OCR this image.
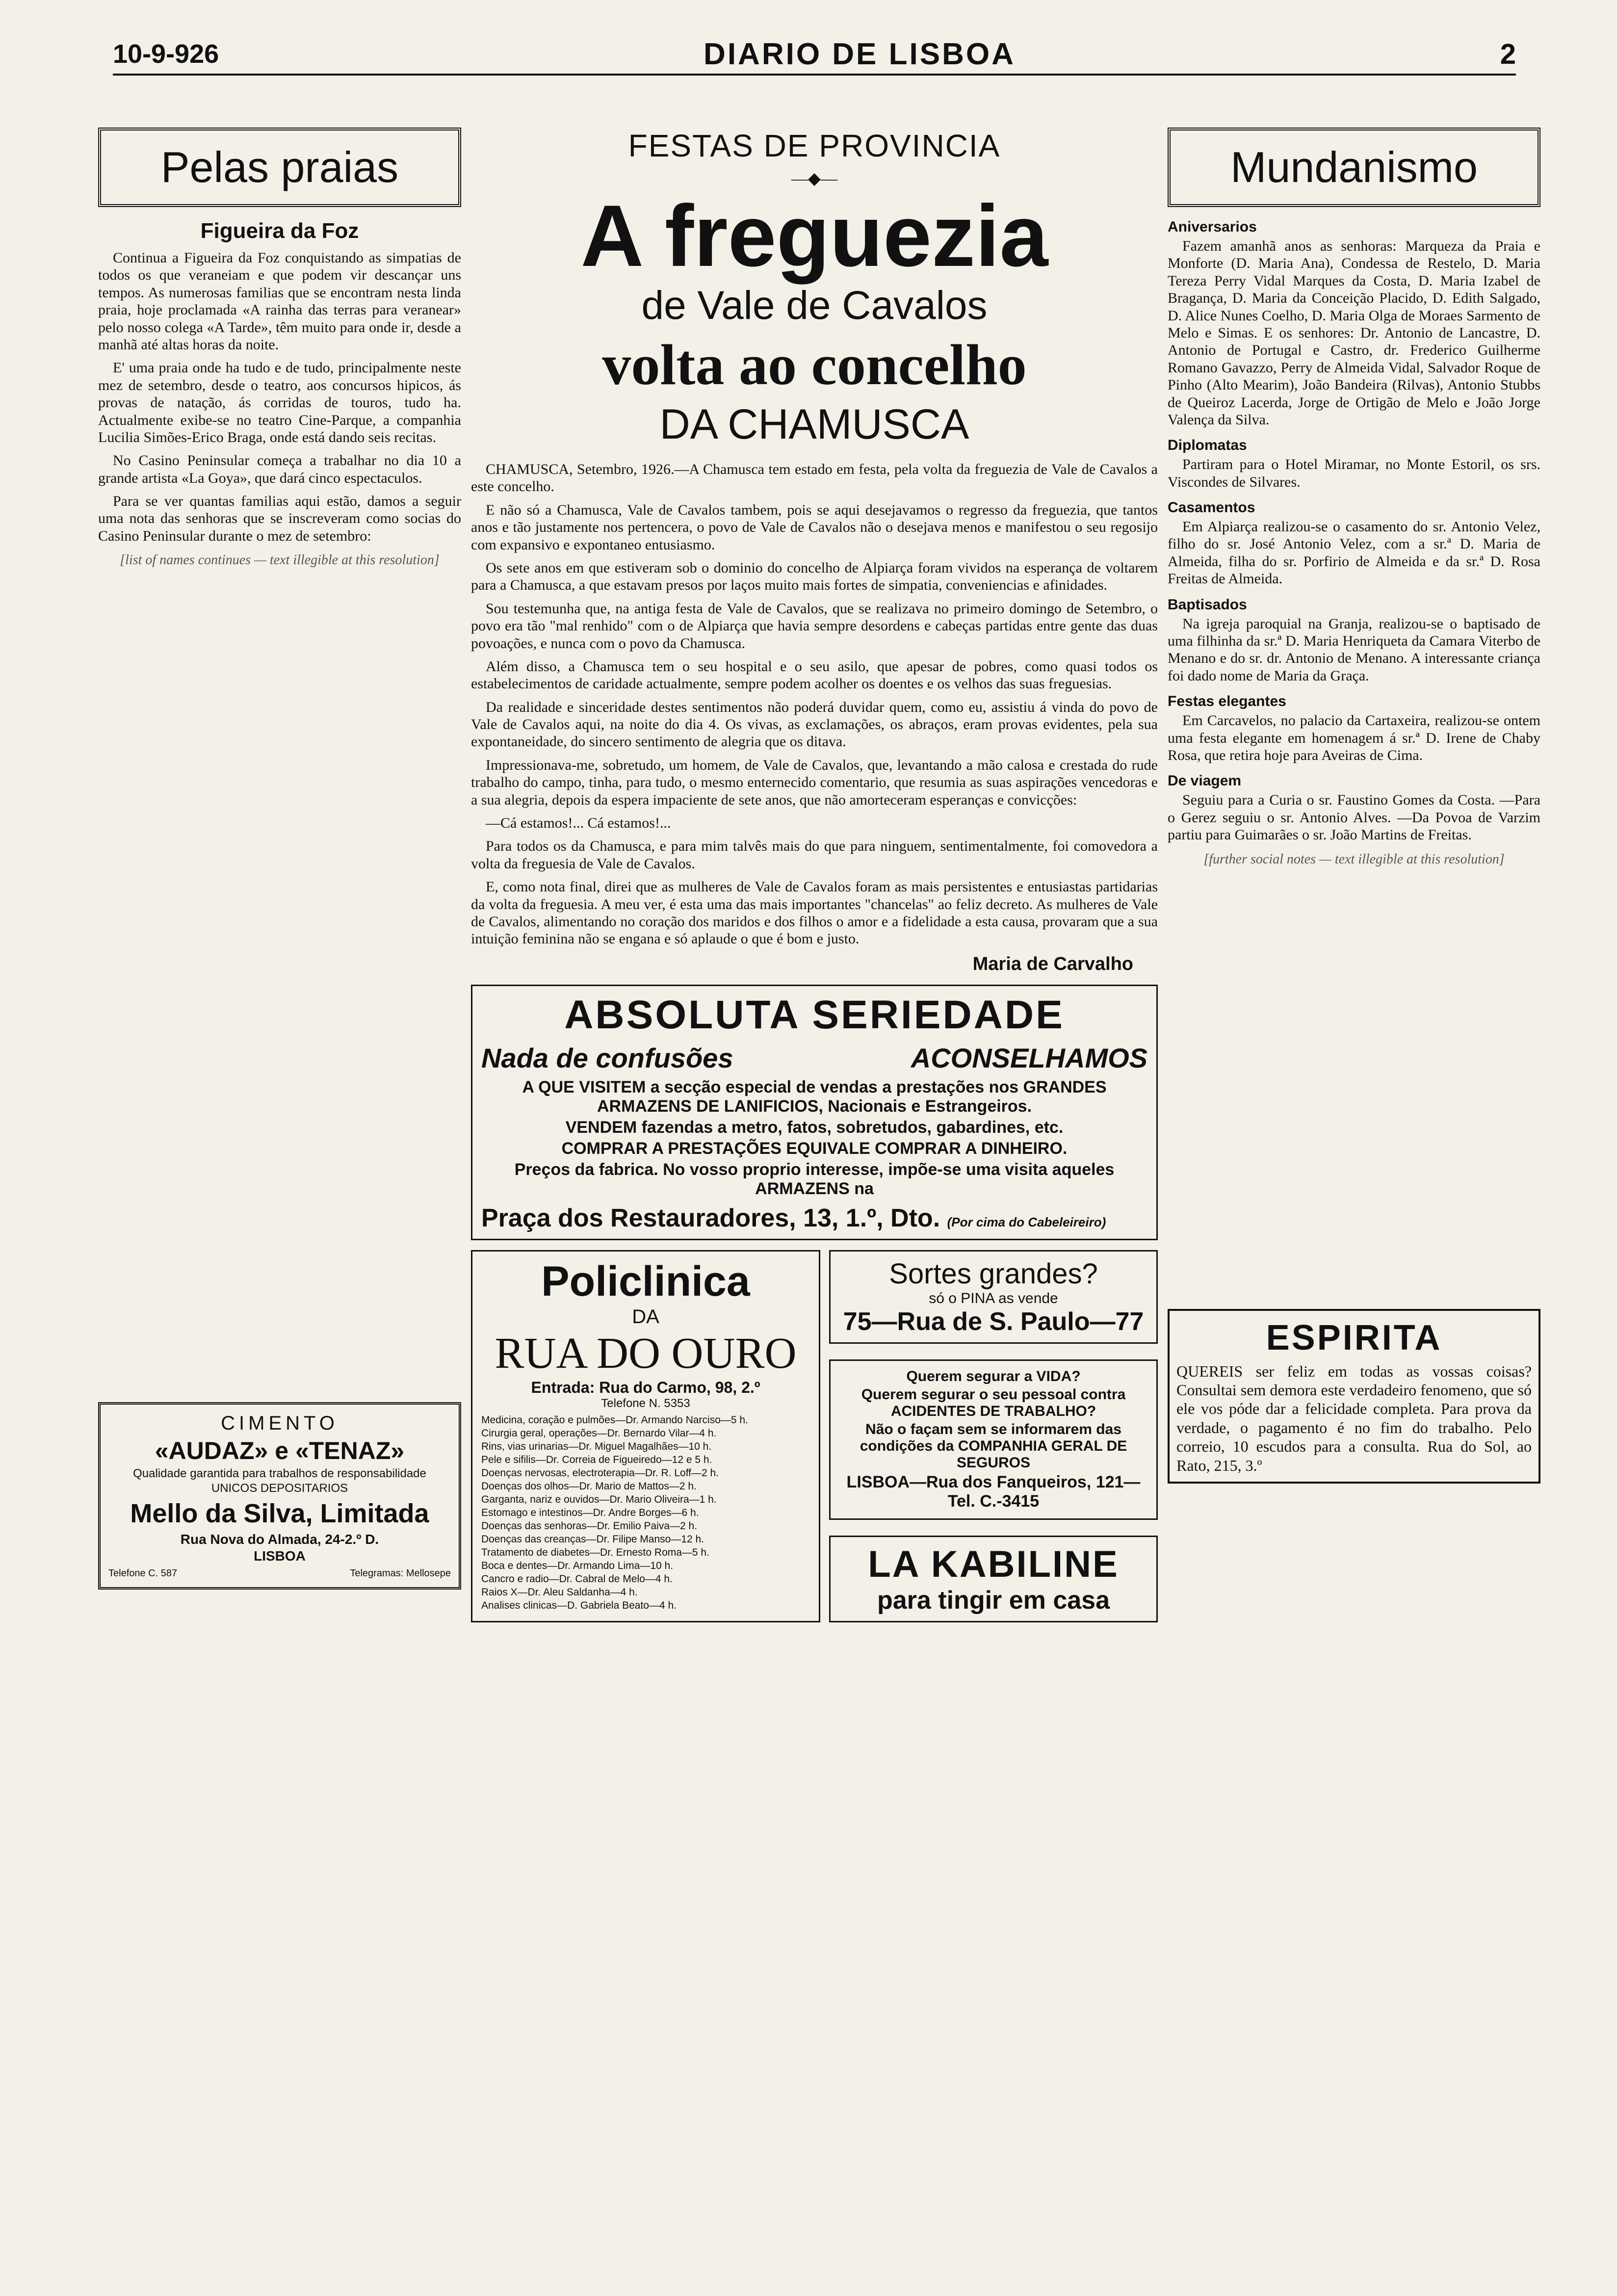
10-9-926	DIARIO DE LISBOA	2
Pelas praias
Figueira da Foz

Continua a Figueira da Foz conquistando as simpatias de todos os que veraneiam e que podem vir descançar uns tempos. As numerosas familias que se encontram nesta linda praia, hoje proclamada «A rainha das terras para veranear» pelo nosso colega «A Tarde», têm muito para onde ir, desde a manhã até altas horas da noite.

E' uma praia onde ha tudo e de tudo, principalmente neste mez de setembro, desde o teatro, aos concursos hipicos, ás provas de natação, ás corridas de touros, tudo ha. Actualmente exibe-se no teatro Cine-Parque, a companhia Lucilia Simões-Erico Braga, onde está dando seis recitas.

No Casino Peninsular começa a trabalhar no dia 10 a grande artista «La Goya», que dará cinco espectaculos.

Para se ver quantas familias aqui estão, damos a seguir uma nota das senhoras que se inscreveram como socias do Casino Peninsular durante o mez de setembro:

[list of names continues — text illegible at this resolution]

CIMENTO

«AUDAZ» e «TENAZ»

Qualidade garantida para trabalhos de responsabilidade

UNICOS DEPOSITARIOS

Mello da Silva, Limitada

Rua Nova do Almada, 24-2.º D.

LISBOA

Telefone C. 587	Telegramas: Mellosepe

FESTAS DE PROVINCIA

—◆—

A freguezia

de Vale de Cavalos

volta ao concelho

DA CHAMUSCA

CHAMUSCA, Setembro, 1926.—A Chamusca tem estado em festa, pela volta da freguezia de Vale de Cavalos a este concelho.

E não só a Chamusca, Vale de Cavalos tambem, pois se aqui desejavamos o regresso da freguezia, que tantos anos e tão justamente nos pertencera, o povo de Vale de Cavalos não o desejava menos e manifestou o seu regosijo com expansivo e expontaneo entusiasmo.

Os sete anos em que estiveram sob o dominio do concelho de Alpiarça foram vividos na esperança de voltarem para a Chamusca, a que estavam presos por laços muito mais fortes de simpatia, conveniencias e afinidades.

Sou testemunha que, na antiga festa de Vale de Cavalos, que se realizava no primeiro domingo de Setembro, o povo era tão "mal renhido" com o de Alpiarça que havia sempre desordens e cabeças partidas entre gente das duas povoações, e nunca com o povo da Chamusca.

Além disso, a Chamusca tem o seu hospital e o seu asilo, que apesar de pobres, como quasi todos os estabelecimentos de caridade actualmente, sempre podem acolher os doentes e os velhos das suas freguesias.

Da realidade e sinceridade destes sentimentos não poderá duvidar quem, como eu, assistiu á vinda do povo de Vale de Cavalos aqui, na noite do dia 4. Os vivas, as exclamações, os abraços, eram provas evidentes, pela sua expontaneidade, do sincero sentimento de alegria que os ditava.

Impressionava-me, sobretudo, um homem, de Vale de Cavalos, que, levantando a mão calosa e crestada do rude trabalho do campo, tinha, para tudo, o mesmo enternecido comentario, que resumia as suas aspirações vencedoras e a sua alegria, depois da espera impaciente de sete anos, que não amorteceram esperanças e convicções:

—Cá estamos!... Cá estamos!...

Para todos os da Chamusca, e para mim talvês mais do que para ninguem, sentimentalmente, foi comovedora a volta da freguesia de Vale de Cavalos.

E, como nota final, direi que as mulheres de Vale de Cavalos foram as mais persistentes e entusiastas partidarias da volta da freguesia. A meu ver, é esta uma das mais importantes "chancelas" ao feliz decreto. As mulheres de Vale de Cavalos, alimentando no coração dos maridos e dos filhos o amor e a fidelidade a esta causa, provaram que a sua intuição feminina não se engana e só aplaude o que é bom e justo.

Maria de Carvalho

ABSOLUTA SERIEDADE

Nada de confusões	ACONSELHAMOS

A QUE VISITEM a secção especial de vendas a prestações nos GRANDES ARMAZENS DE LANIFICIOS, Nacionais e Estrangeiros.

VENDEM fazendas a metro, fatos, sobretudos, gabardines, etc.

COMPRAR A PRESTAÇÕES EQUIVALE COMPRAR A DINHEIRO.

Preços da fabrica. No vosso proprio interesse, impõe-se uma visita aqueles ARMAZENS na

Praça dos Restauradores, 13, 1.º, Dto. (Por cima do Cabeleireiro)

Policlinica

DA

RUA DO OURO

Entrada: Rua do Carmo, 98, 2.º

Telefone N. 5353

Medicina, coração e pulmões—Dr. Armando Narciso—5 h.

Cirurgia geral, operações—Dr. Bernardo Vilar—4 h.

Rins, vias urinarias—Dr. Miguel Magalhães—10 h.

Pele e sifilis—Dr. Correia de Figueiredo—12 e 5 h.

Doenças nervosas, electroterapia—Dr. R. Loff—2 h.

Doenças dos olhos—Dr. Mario de Mattos—2 h.

Garganta, nariz e ouvidos—Dr. Mario Oliveira—1 h.

Estomago e intestinos—Dr. Andre Borges—6 h.

Doenças das senhoras—Dr. Emilio Paiva—2 h.

Doenças das creanças—Dr. Filipe Manso—12 h.

Tratamento de diabetes—Dr. Ernesto Roma—5 h.

Boca e dentes—Dr. Armando Lima—10 h.

Cancro e radio—Dr. Cabral de Melo—4 h.

Raios X—Dr. Aleu Saldanha—4 h.

Analises clinicas—D. Gabriela Beato—4 h.

Sortes grandes?

só o PINA as vende

75—Rua de S. Paulo—77

Querem segurar a VIDA?

Querem segurar o seu pessoal contra ACIDENTES DE TRABALHO?

Não o façam sem se informarem das condições da COMPANHIA GERAL DE SEGUROS

LISBOA—Rua dos Fanqueiros, 121—Tel. C.-3415

LA KABILINE

para tingir em casa

Mundanismo
Aniversarios

Fazem amanhã anos as senhoras: Marqueza da Praia e Monforte (D. Maria Ana), Condessa de Restelo, D. Maria Tereza Perry Vidal Marques da Costa, D. Maria Izabel de Bragança, D. Maria da Conceição Placido, D. Edith Salgado, D. Alice Nunes Coelho, D. Maria Olga de Moraes Sarmento de Melo e Simas. E os senhores: Dr. Antonio de Lancastre, D. Antonio de Portugal e Castro, dr. Frederico Guilherme Romano Gavazzo, Perry de Almeida Vidal, Salvador Roque de Pinho (Alto Mearim), João Bandeira (Rilvas), Antonio Stubbs de Queiroz Lacerda, Jorge de Ortigão de Melo e João Jorge Valença da Silva.

Diplomatas

Partiram para o Hotel Miramar, no Monte Estoril, os srs. Viscondes de Silvares.

Casamentos

Em Alpiarça realizou-se o casamento do sr. Antonio Velez, filho do sr. José Antonio Velez, com a sr.ª D. Maria de Almeida, filha do sr. Porfirio de Almeida e da sr.ª D. Rosa Freitas de Almeida.

Baptisados

Na igreja paroquial na Granja, realizou-se o baptisado de uma filhinha da sr.ª D. Maria Henriqueta da Camara Viterbo de Menano e do sr. dr. Antonio de Menano. A interessante criança foi dado nome de Maria da Graça.

Festas elegantes

Em Carcavelos, no palacio da Cartaxeira, realizou-se ontem uma festa elegante em homenagem á sr.ª D. Irene de Chaby Rosa, que retira hoje para Aveiras de Cima.

De viagem

Seguiu para a Curia o sr. Faustino Gomes da Costa. —Para o Gerez seguiu o sr. Antonio Alves. —Da Povoa de Varzim partiu para Guimarães o sr. João Martins de Freitas.

[further social notes — text illegible at this resolution]

ESPIRITA

QUEREIS ser feliz em todas as vossas coisas? Consultai sem demora este verdadeiro fenomeno, que só ele vos póde dar a felicidade completa. Para prova da verdade, o pagamento é no fim do trabalho. Pelo correio, 10 escudos para a consulta. Rua do Sol, ao Rato, 215, 3.º
